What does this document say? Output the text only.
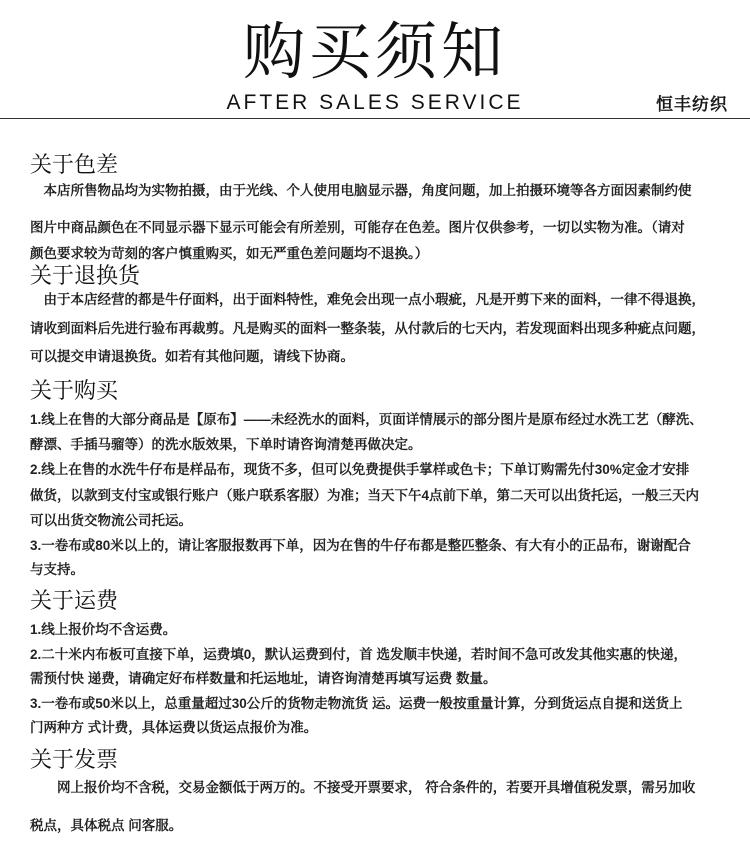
购买须知
AFTER SALES SERVICE	恒丰纺织
关于色差
　本店所售物品均为实物拍摄，由于光线、个人使用电脑显示器，角度问题，加上拍摄环境等各方面因素制约使
图片中商品颜色在不同显示器下显示可能会有所差别，可能存在色差。图片仅供参考，一切以实物为准。（请对
颜色要求较为苛刻的客户慎重购买，如无严重色差问题均不退换。）
关于退换货
　由于本店经营的都是牛仔面料，出于面料特性，难免会出现一点小瑕疵，凡是开剪下来的面料，一律不得退换，
请收到面料后先进行验布再裁剪。凡是购买的面料一整条装，从付款后的七天内，若发现面料出现多种疵点问题，
可以提交申请退换货。如若有其他问题，请线下协商。
关于购买
1.线上在售的大部分商品是【原布】——未经洗水的面料，页面详情展示的部分图片是原布经过水洗工艺（酵洗、
酵漂、手插马骝等）的洗水版效果，下单时请咨询清楚再做决定。
2.线上在售的水洗牛仔布是样品布，现货不多，但可以免费提供手掌样或色卡；下单订购需先付30%定金才安排
做货，以款到支付宝或银行账户（账户联系客服）为准；当天下午4点前下单，第二天可以出货托运，一般三天内
可以出货交物流公司托运。
3.一卷布或80米以上的，请让客服报数再下单，因为在售的牛仔布都是整匹整条、有大有小的正品布，谢谢配合
与支持。
关于运费
1.线上报价均不含运费。
2.二十米内布板可直接下单，运费填0，默认运费到付，首 选发顺丰快递，若时间不急可改发其他实惠的快递，
需预付快 递费，请确定好布样数量和托运地址，请咨询清楚再填写运费 数量。
3.一卷布或50米以上，总重量超过30公斤的货物走物流货 运。运费一般按重量计算，分到货运点自提和送货上
门两种方 式计费，具体运费以货运点报价为准。
关于发票
　　网上报价均不含税，交易金额低于两万的。不接受开票要求， 符合条件的，若要开具增值税发票，需另加收
税点，具体税点 问客服。
